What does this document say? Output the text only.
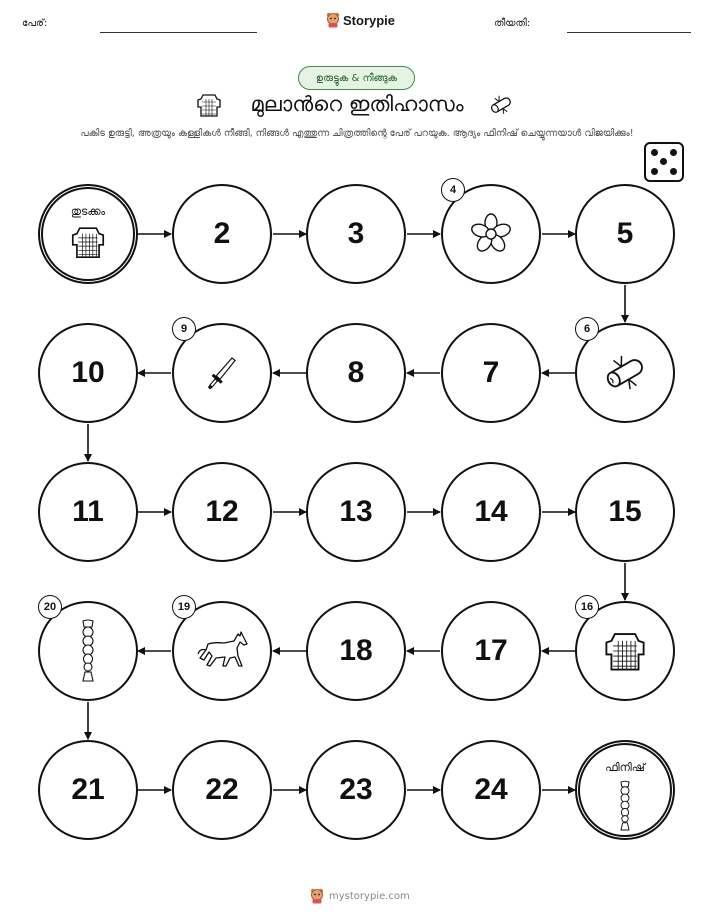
പേര്:	Storypie	തീയതി:
ഉരുട്ടുക & നീങ്ങുക
മുലാൻറെ ഇതിഹാസം
പകിട ഉരുട്ടി, അത്രയും കള്ളികൾ നീങ്ങി, നിങ്ങൾ എത്തുന്ന ചിത്രത്തിന്റെ പേര് പറയുക. ആദ്യം ഫിനിഷ് ചെയ്യുന്നയാൾ വിജയിക്കും!
തുടക്കം
2	3
4
5
6
7
8
9
10
11	12	13	14	15
16
17
18
19
20
21	22	23	24
ഫിനിഷ്
mystorypie.com
